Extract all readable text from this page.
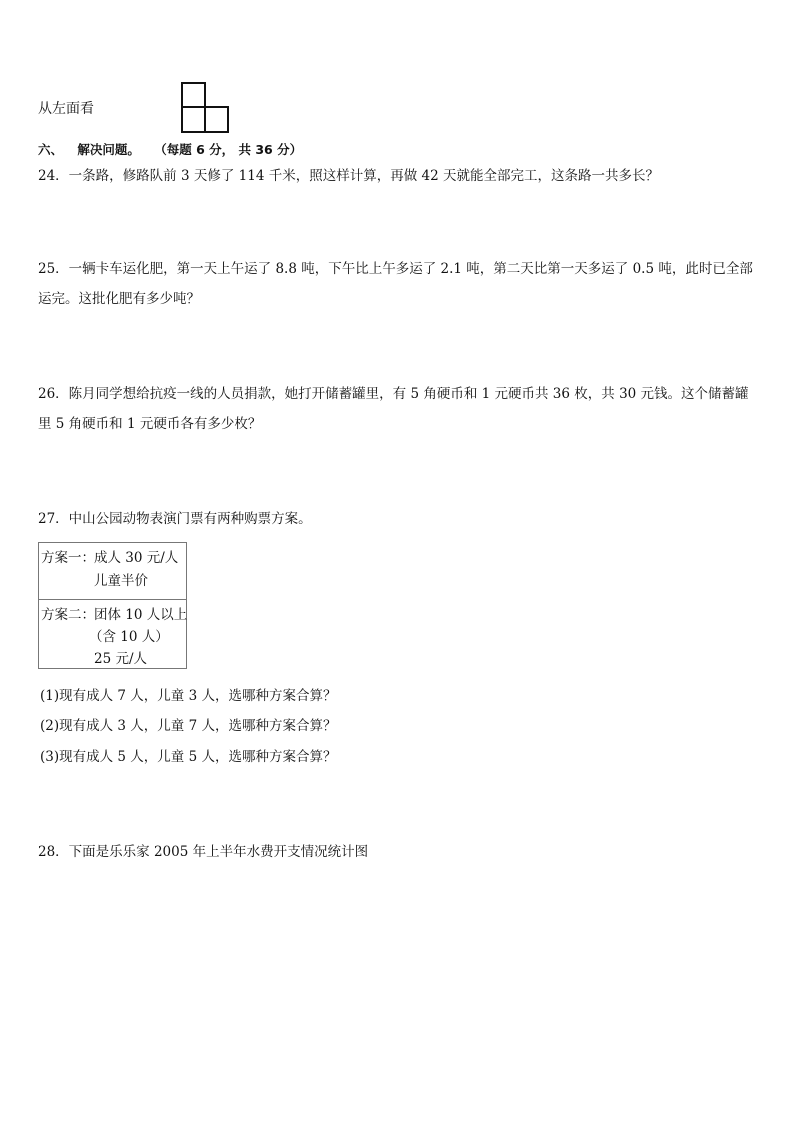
从左面看
六、 解决问题。 （每题 6 分， 共 36 分）
24．一条路，修路队前 3 天修了 114 千米，照这样计算，再做 42 天就能全部完工，这条路一共多长？
25．一辆卡车运化肥，第一天上午运了 8.8 吨，下午比上午多运了 2.1 吨，第二天比第一天多运了 0.5 吨，此时已全部
运完。这批化肥有多少吨？
26．陈月同学想给抗疫一线的人员捐款，她打开储蓄罐里，有 5 角硬币和 1 元硬币共 36 枚，共 30 元钱。这个储蓄罐
里 5 角硬币和 1 元硬币各有多少枚？
27．中山公园动物表演门票有两种购票方案。
方案一： 成人 30 元/人
儿童半价
方案二： 团体 10 人以上
（含 10 人）
25 元/人
(1)现有成人 7 人，儿童 3 人，选哪种方案合算？
(2)现有成人 3 人，儿童 7 人，选哪种方案合算？
(3)现有成人 5 人，儿童 5 人，选哪种方案合算？
28．下面是乐乐家 2005 年上半年水费开支情况统计图
